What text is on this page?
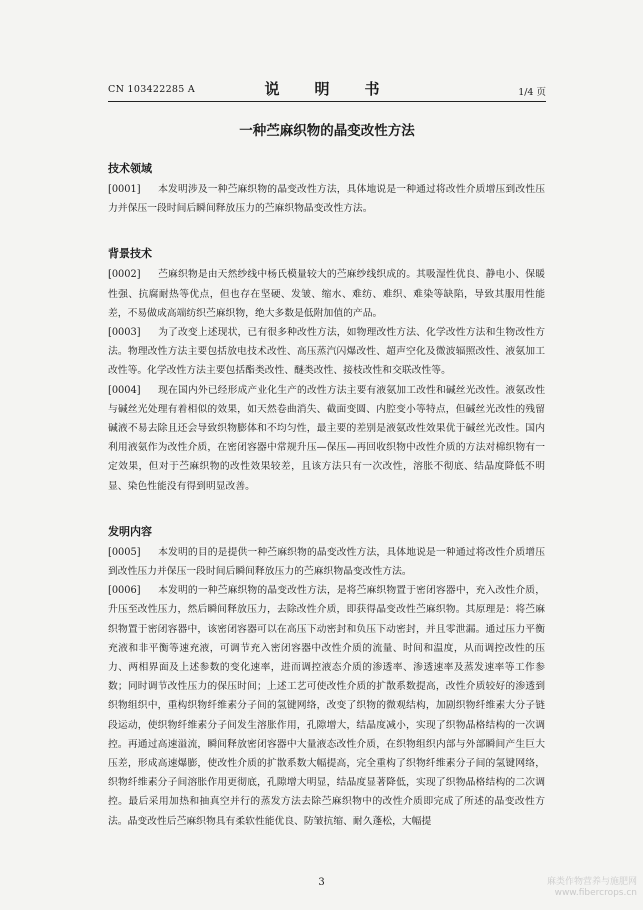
CN 103422285 A	说　明　书	1/4 页
一种苎麻织物的晶变改性方法
技术领域

[0001] 本发明涉及一种苎麻织物的晶变改性方法，具体地说是一种通过将改性介质增压到改性压力并保压一段时间后瞬间释放压力的苎麻织物晶变改性方法。

背景技术

[0002] 苎麻织物是由天然纱线中杨氏模量较大的苎麻纱线织成的。其吸湿性优良、静电小、保暖性强、抗腐耐热等优点，但也存在坚硬、发皱、缩水、难纺、难织、难染等缺陷，导致其服用性能差，不易做成高端纺织苎麻织物，绝大多数是低附加值的产品。

[0003] 为了改变上述现状，已有很多种改性方法，如物理改性方法、化学改性方法和生物改性方法。物理改性方法主要包括放电技术改性、高压蒸汽闪爆改性、超声空化及微波辐照改性、液氨加工改性等。化学改性方法主要包括酯类改性、醚类改性、接枝改性和交联改性等。

[0004] 现在国内外已经形成产业化生产的改性方法主要有液氨加工改性和碱丝光改性。液氨改性与碱丝光处理有着相似的效果，如天然卷曲消失、截面变圆、内腔变小等特点，但碱丝光改性的残留碱液不易去除且还会导致织物膨体和不均匀性，最主要的差别是液氨改性效果优于碱丝光改性。国内利用液氨作为改性介质，在密闭容器中常规升压—保压—再回收织物中改性介质的方法对棉织物有一定效果，但对于苎麻织物的改性效果较差，且该方法只有一次改性，溶胀不彻底、结晶度降低不明显、染色性能没有得到明显改善。

发明内容

[0005] 本发明的目的是提供一种苎麻织物的晶变改性方法，具体地说是一种通过将改性介质增压到改性压力并保压一段时间后瞬间释放压力的苎麻织物晶变改性方法。

[0006] 本发明的一种苎麻织物的晶变改性方法，是将苎麻织物置于密闭容器中，充入改性介质，升压至改性压力，然后瞬间释放压力，去除改性介质，即获得晶变改性苎麻织物。其原理是：将苎麻织物置于密闭容器中，该密闭容器可以在高压下动密封和负压下动密封，并且零泄漏。通过压力平衡充液和非平衡等速充液，可调节充入密闭容器中改性介质的流量、时间和温度，从而调控改性的压力、两相界面及上述参数的变化速率，进而调控液态介质的渗透率、渗透速率及蒸发速率等工作参数；同时调节改性压力的保压时间；上述工艺可使改性介质的扩散系数提高，改性介质较好的渗透到织物组织中，重构织物纤维素分子间的氢键网络，改变了织物的微观结构，加剧织物纤维素大分子链段运动，使织物纤维素分子间发生溶胀作用，孔隙增大，结晶度减小，实现了织物晶格结构的一次调控。再通过高速溢流，瞬间释放密闭容器中大量液态改性介质，在织物组织内部与外部瞬间产生巨大压差，形成高速爆膨，使改性介质的扩散系数大幅提高，完全重构了织物纤维素分子间的氢键网络，织物纤维素分子间溶胀作用更彻底，孔隙增大明显，结晶度显著降低，实现了织物晶格结构的二次调控。最后采用加热和抽真空并行的蒸发方法去除苎麻织物中的改性介质即完成了所述的晶变改性方法。晶变改性后苎麻织物具有柔软性能优良、防皱抗缩、耐久蓬松，大幅提

3	麻类作物营养与施肥网
www.fibercrops.cn
